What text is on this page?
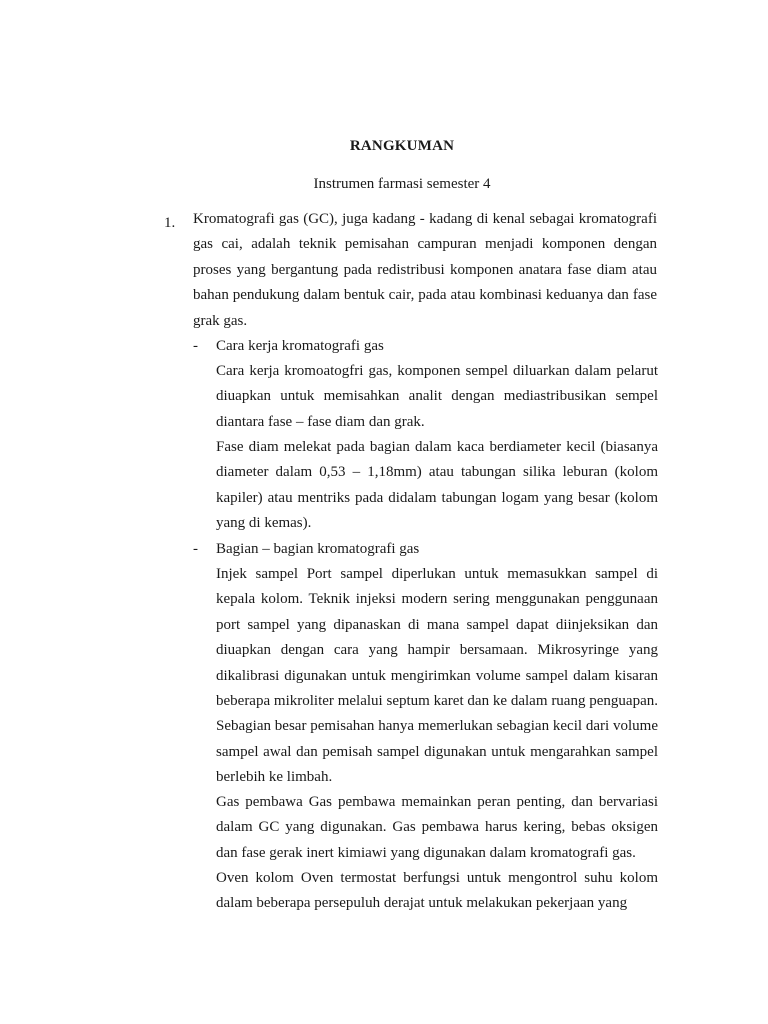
RANGKUMAN
Instrumen farmasi semester 4
1. Kromatografi gas (GC), juga kadang - kadang di kenal sebagai kromatografi gas cai, adalah teknik pemisahan campuran menjadi komponen dengan proses yang bergantung pada redistribusi komponen anatara fase diam atau bahan pendukung dalam bentuk cair, pada atau kombinasi keduanya dan fase grak gas.

- Cara kerja kromatografi gas

Cara kerja kromoatogfri gas, komponen sempel diluarkan dalam pelarut diuapkan untuk memisahkan analit dengan mediastribusikan sempel diantara fase – fase diam dan grak.

Fase diam melekat pada bagian dalam kaca berdiameter kecil (biasanya diameter dalam 0,53 – 1,18mm) atau tabungan silika leburan (kolom kapiler) atau mentriks pada didalam tabungan logam yang besar (kolom yang di kemas).

- Bagian – bagian kromatografi gas

Injek sampel Port sampel diperlukan untuk memasukkan sampel di kepala kolom. Teknik injeksi modern sering menggunakan penggunaan port sampel yang dipanaskan di mana sampel dapat diinjeksikan dan diuapkan dengan cara yang hampir bersamaan. Mikrosyringe yang dikalibrasi digunakan untuk mengirimkan volume sampel dalam kisaran beberapa mikroliter melalui septum karet dan ke dalam ruang penguapan. Sebagian besar pemisahan hanya memerlukan sebagian kecil dari volume sampel awal dan pemisah sampel digunakan untuk mengarahkan sampel berlebih ke limbah.

Gas pembawa Gas pembawa memainkan peran penting, dan bervariasi dalam GC yang digunakan. Gas pembawa harus kering, bebas oksigen dan fase gerak inert kimiawi yang digunakan dalam kromatografi gas.

Oven kolom Oven termostat berfungsi untuk mengontrol suhu kolom dalam beberapa persepuluh derajat untuk melakukan pekerjaan yang
